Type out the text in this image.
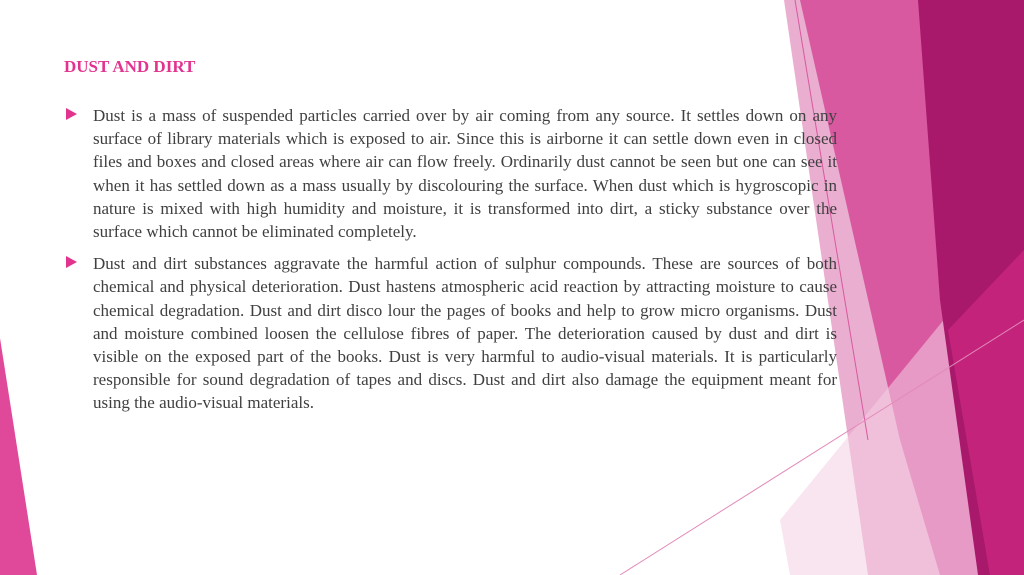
DUST AND DIRT
Dust is a mass of suspended particles carried over by air coming from any source. It settles down on any surface of library materials which is exposed to air. Since this is airborne it can settle down even in closed files and boxes and closed areas where air can flow freely. Ordinarily dust cannot be seen but one can see it when it has settled down as a mass usually by discolouring the surface. When dust which is hygroscopic in nature is mixed with high humidity and moisture, it is transformed into dirt, a sticky substance over the surface which cannot be eliminated completely.
Dust and dirt substances aggravate the harmful action of sulphur compounds. These are sources of both chemical and physical deterioration. Dust hastens atmospheric acid reaction by attracting moisture to cause chemical degradation. Dust and dirt disco lour the pages of books and help to grow micro organisms. Dust and moisture combined loosen the cellulose fibres of paper. The deterioration caused by dust and dirt is visible on the exposed part of the books. Dust is very harmful to audio-visual materials. It is particularly responsible for sound degradation of tapes and discs. Dust and dirt also damage the equipment meant for using the audio-visual materials.
